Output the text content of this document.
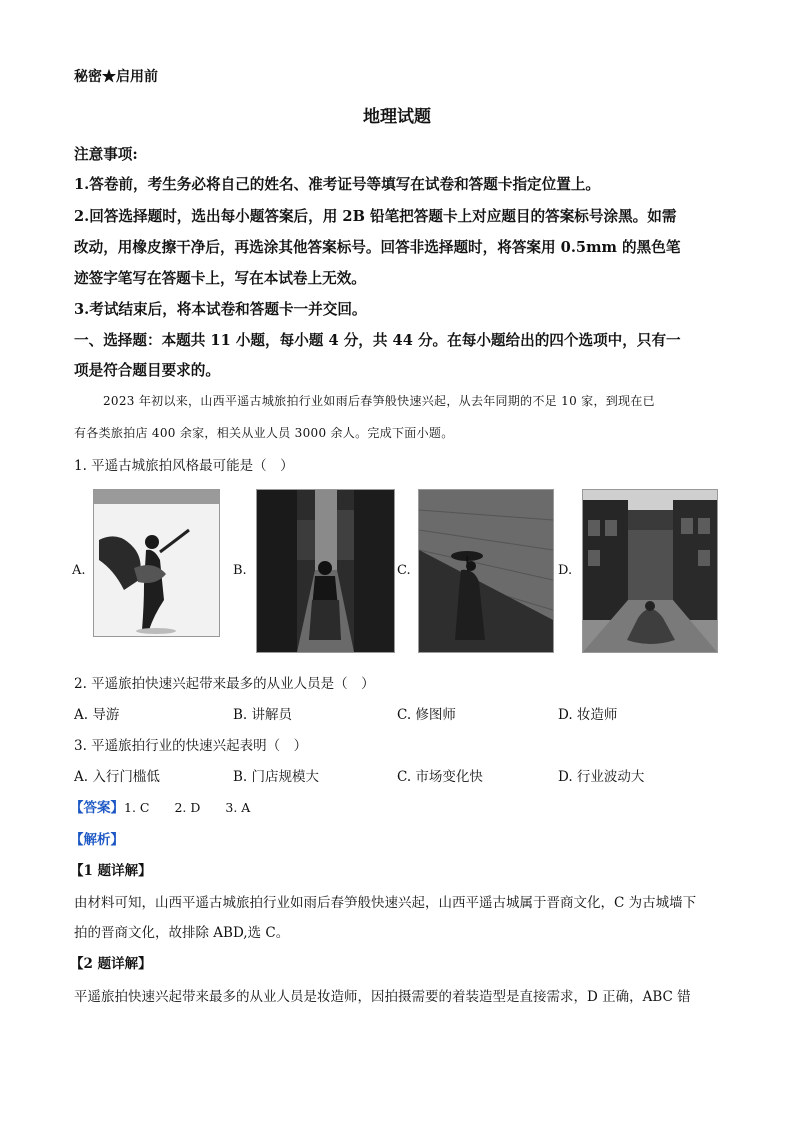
秘密★启用前
地理试题
注意事项:
1.答卷前，考生务必将自己的姓名、准考证号等填写在试卷和答题卡指定位置上。
2.回答选择题时，选出每小题答案后，用 2B 铅笔把答题卡上对应题目的答案标号涂黑。如需
改动，用橡皮擦干净后，再选涂其他答案标号。回答非选择题时，将答案用 0.5mm 的黑色笔
迹签字笔写在答题卡上，写在本试卷上无效。
3.考试结束后，将本试卷和答题卡一并交回。
一、选择题：本题共 11 小题，每小题 4 分，共 44 分。在每小题给出的四个选项中，只有一
项是符合题目要求的。
2023 年初以来，山西平遥古城旅拍行业如雨后春笋般快速兴起，从去年同期的不足 10 家，到现在已
有各类旅拍店 400 余家，相关从业人员 3000 余人。完成下面小题。
1. 平遥古城旅拍风格最可能是（　）
A.	B.	C.	D.
2. 平遥旅拍快速兴起带来最多的从业人员是（　）
A. 导游	B. 讲解员	C. 修图师	D. 妆造师
3. 平遥旅拍行业的快速兴起表明（　）
A. 入行门槛低	B. 门店规模大	C. 市场变化快	D. 行业波动大
【答案】1. C　　2. D　　3. A
【解析】
【1 题详解】
由材料可知，山西平遥古城旅拍行业如雨后春笋般快速兴起，山西平遥古城属于晋商文化，C 为古城墙下
拍的晋商文化，故排除 ABD,选 C。
【2 题详解】
平遥旅拍快速兴起带来最多的从业人员是妆造师，因拍摄需要的着装造型是直接需求，D 正确，ABC 错
